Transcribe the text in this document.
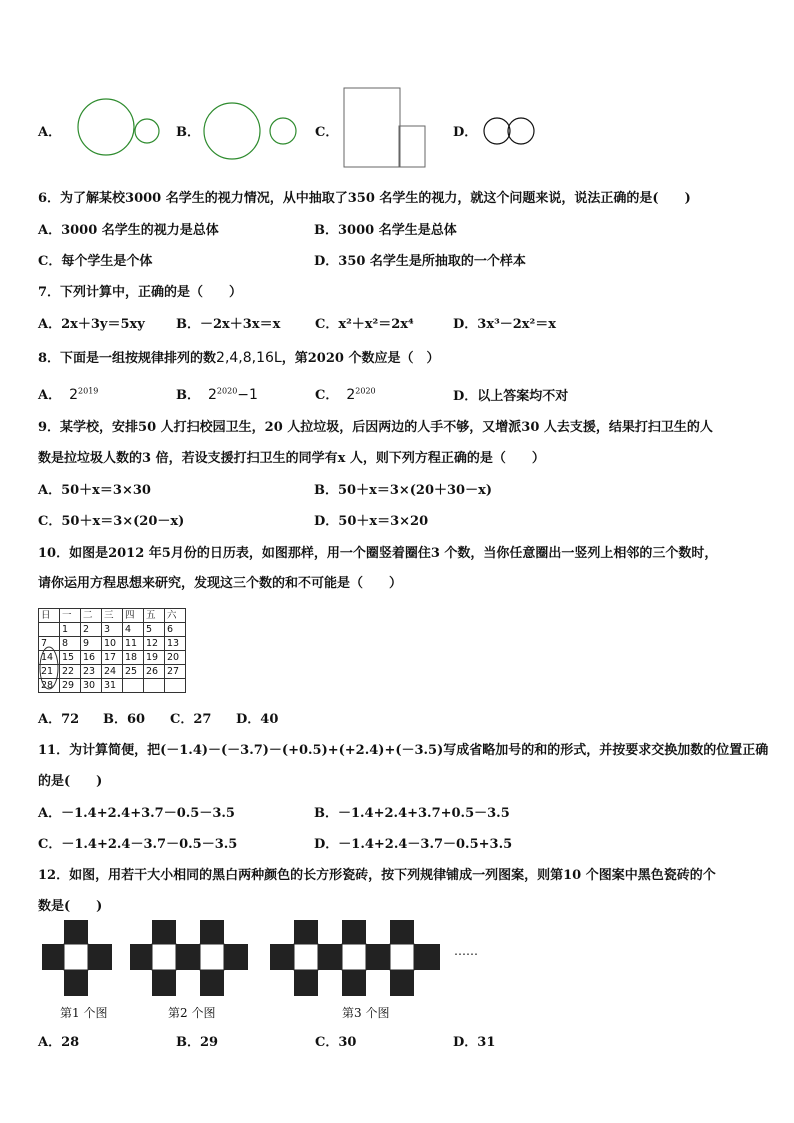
A．	B．	C．	D．
6．为了解某校3000 名学生的视力情况，从中抽取了350 名学生的视力，就这个问题来说，说法正确的是(　　)
A．3000 名学生的视力是总体	B．3000 名学生是总体
C．每个学生是个体	D．350 名学生是所抽取的一个样本
7．下列计算中，正确的是（　　）
A．2x＋3y＝5xy B．－2x＋3x＝x	C．x²＋x²＝2x⁴	D．3x³－2x²＝x
8．下面是一组按规律排列的数2,4,8,16L，第2020 个数应是（　）
A． $2^{2019}$	B． $2^{2020}-1$	C． $2^{2020}$	D．以上答案均不对
9．某学校，安排50 人打扫校园卫生，20 人拉垃圾，后因两边的人手不够，又增派30 人去支援，结果打扫卫生的人
数是拉垃圾人数的3 倍，若设支援打扫卫生的同学有x 人，则下列方程正确的是（　　）
A．50＋x＝3×30	B．50＋x＝3×(20＋30－x)
C．50＋x＝3×(20－x)	D．50＋x＝3×20
10．如图是2012 年5月份的日历表，如图那样，用一个圈竖着圈住3 个数，当你任意圈出一竖列上相邻的三个数时，
请你运用方程思想来研究，发现这三个数的和不可能是（　　）
日	一	二	三	四	五	六
	1	2	3	4	5	6
7	8	9	10	11	12	13
14	15	16	17	18	19	20
21	22	23	24	25	26	27
28	29	30	31			
A．72 B．60 C．27 D．40
11．为计算简便，把(－1.4)－(－3.7)－(+0.5)+(+2.4)+(－3.5)写成省略加号的和的形式，并按要求交换加数的位置正确
的是(　　)
A．－1.4+2.4+3.7－0.5－3.5	B．－1.4+2.4+3.7+0.5－3.5
C．－1.4+2.4－3.7－0.5－3.5	D．－1.4+2.4－3.7－0.5+3.5
12．如图，用若干大小相同的黑白两种颜色的长方形瓷砖，按下列规律铺成一列图案，则第10 个图案中黑色瓷砖的个
数是(　　)
……
第1 个图	第2 个图	第3 个图
A．28	B．29	C．30	D．31
